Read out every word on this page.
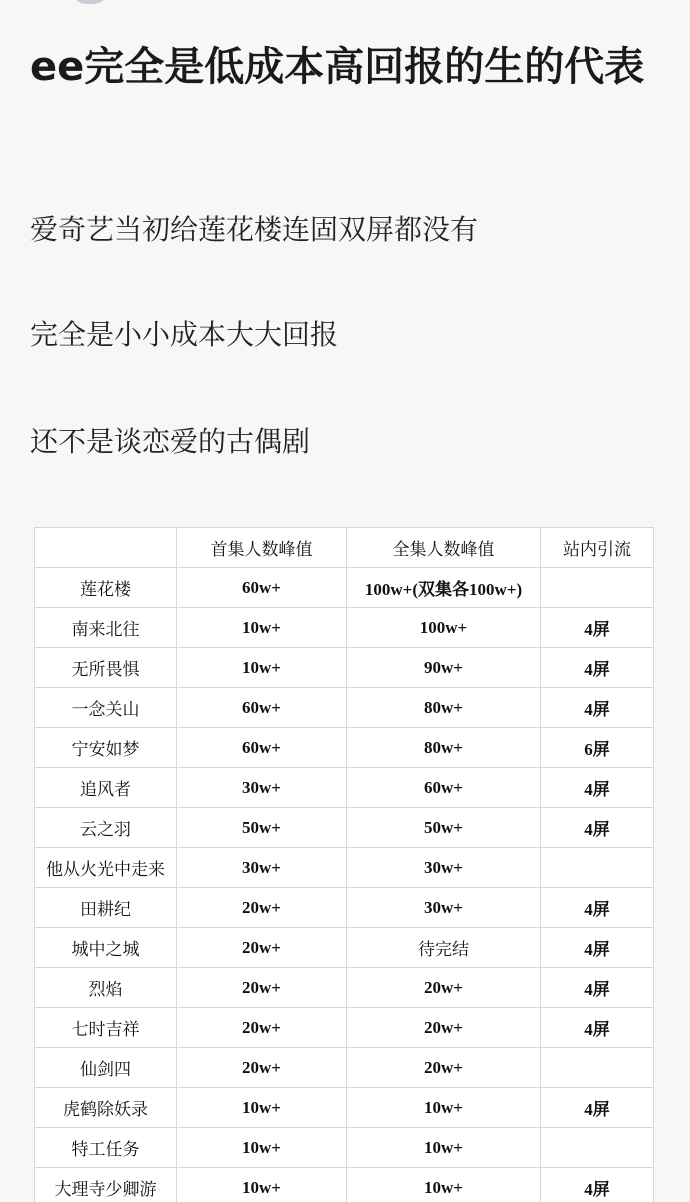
ee完全是低成本高回报的生的代表

爱奇艺当初给莲花楼连固双屏都没有

完全是小小成本大大回报

还不是谈恋爱的古偶剧

	首集人数峰值	全集人数峰值	站内引流
莲花楼	60w+	100w+(双集各100w+)	
南来北往	10w+	100w+	4屏
无所畏惧	10w+	90w+	4屏
一念关山	60w+	80w+	4屏
宁安如梦	60w+	80w+	6屏
追风者	30w+	60w+	4屏
云之羽	50w+	50w+	4屏
他从火光中走来	30w+	30w+	
田耕纪	20w+	30w+	4屏
城中之城	20w+	待完结	4屏
烈焰	20w+	20w+	4屏
七时吉祥	20w+	20w+	4屏
仙剑四	20w+	20w+	
虎鹤除妖录	10w+	10w+	4屏
特工任务	10w+	10w+	
大理寺少卿游	10w+	10w+	4屏
